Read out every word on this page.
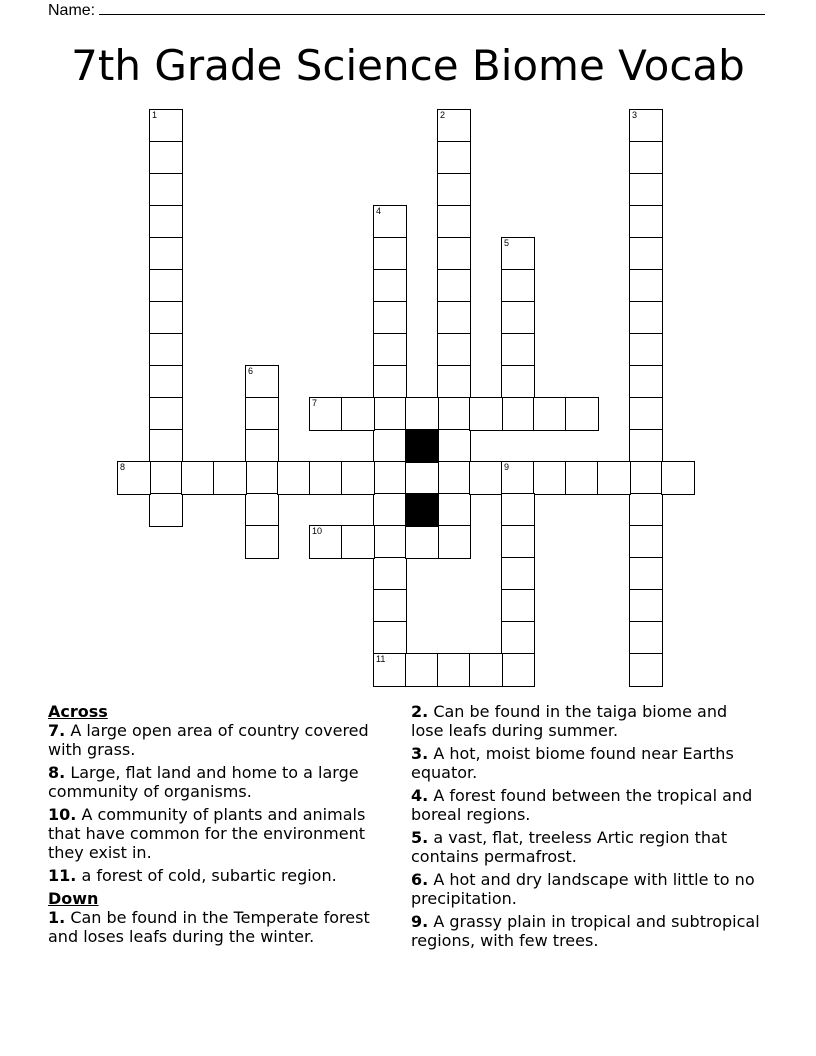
Name:
7th Grade Science Biome Vocab
1	2	3
4
11
5
6
7
8	9
10

Across

7. A large open area of country covered with grass.

8. Large, flat land and home to a large community of organisms.

10. A community of plants and animals that have common for the environment they exist in.

11. a forest of cold, subartic region.

Down

1. Can be found in the Temperate forest and loses leafs during the winter.

2. Can be found in the taiga biome and lose leafs during summer.

3. A hot, moist biome found near Earths equator.

4. A forest found between the tropical and boreal regions.

5. a vast, flat, treeless Artic region that contains permafrost.

6. A hot and dry landscape with little to no precipitation.

9. A grassy plain in tropical and subtropical regions, with few trees.
